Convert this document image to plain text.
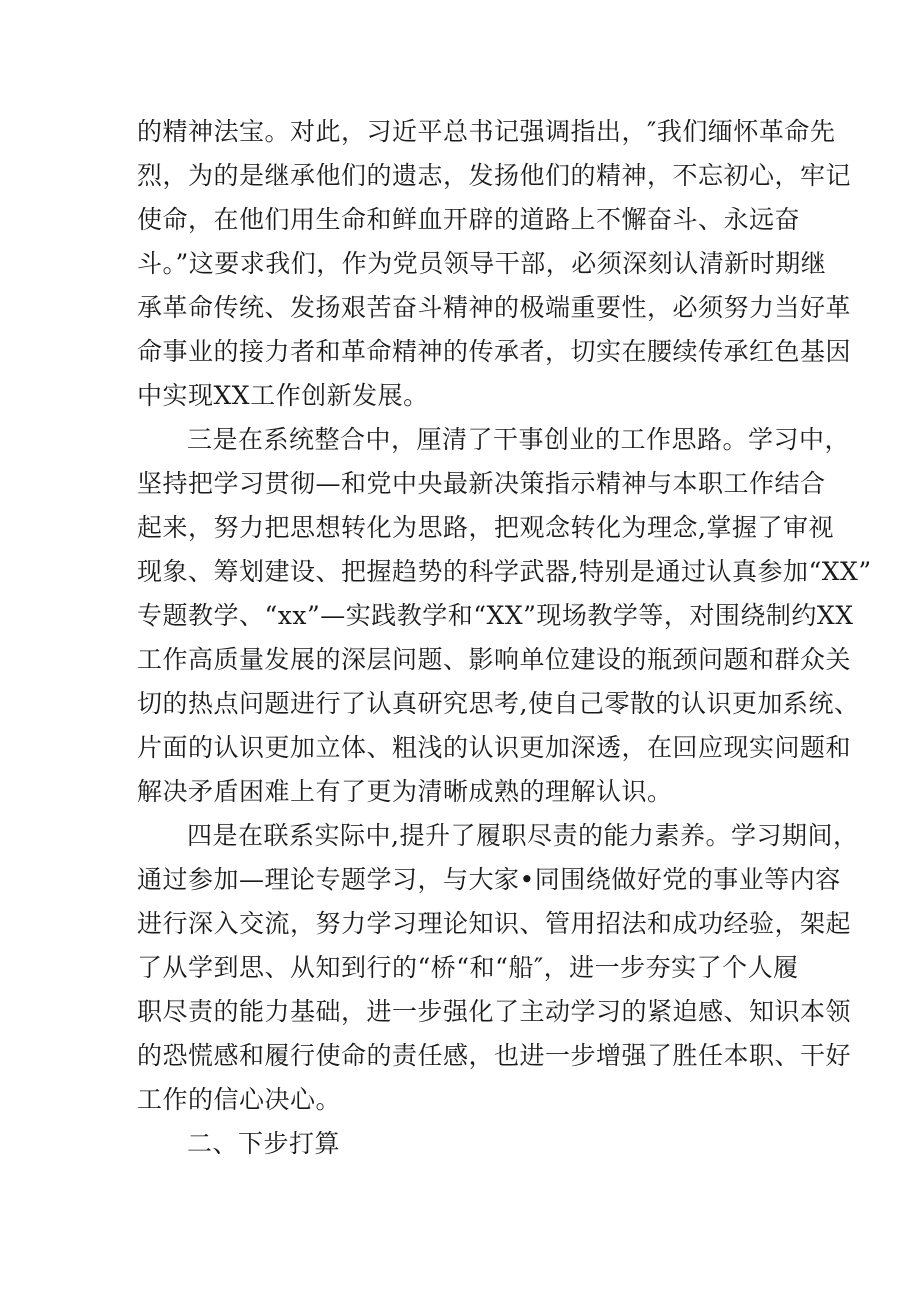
的精神法宝。对此，习近平总书记强调指出，″我们缅怀革命先
烈，为的是继承他们的遗志，发扬他们的精神，不忘初心，牢记
使命，在他们用生命和鲜血开辟的道路上不懈奋斗、永远奋
斗。”这要求我们，作为党员领导干部，必须深刻认清新时期继
承革命传统、发扬艰苦奋斗精神的极端重要性，必须努力当好革
命事业的接力者和革命精神的传承者，切实在腰续传承红色基因
中实现XX工作创新发展。
三是在系统整合中，厘清了干事创业的工作思路。学习中，
坚持把学习贯彻—和党中央最新决策指示精神与本职工作结合
起来，努力把思想转化为思路，把观念转化为理念,掌握了审视
现象、筹划建设、把握趋势的科学武器,特别是通过认真参加“XX”
专题教学、“xx”—实践教学和“XX”现场教学等，对围绕制约XX
工作高质量发展的深层问题、影响单位建设的瓶颈问题和群众关
切的热点问题进行了认真研究思考,使自己零散的认识更加系统、
片面的认识更加立体、粗浅的认识更加深透，在回应现实问题和
解决矛盾困难上有了更为清晰成熟的理解认识。
四是在联系实际中,提升了履职尽责的能力素养。学习期间，
通过参加—理论专题学习，与大家•同围绕做好党的事业等内容
进行深入交流，努力学习理论知识、管用招法和成功经验，架起
了从学到思、从知到行的“桥“和“船″，进一步夯实了个人履
职尽责的能力基础，进一步强化了主动学习的紧迫感、知识本领
的恐慌感和履行使命的责任感，也进一步增强了胜任本职、干好
工作的信心决心。
二、下步打算
